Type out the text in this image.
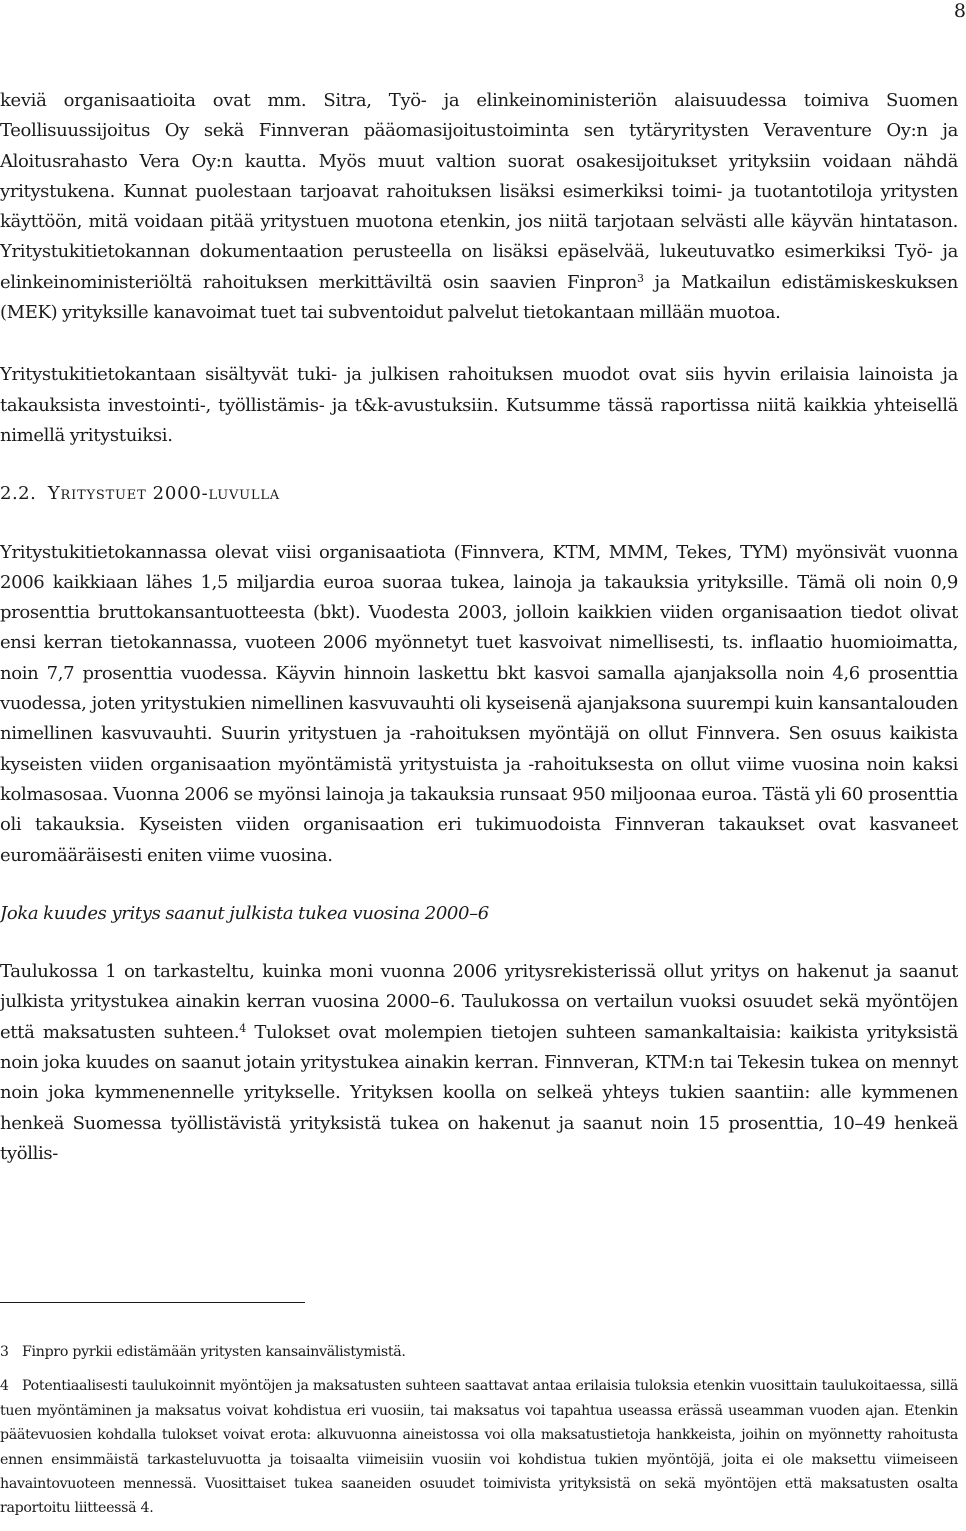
8

keviä organisaatioita ovat mm. Sitra, Työ- ja elinkeinoministeriön alaisuudessa toimiva Suomen Teollisuussijoitus Oy sekä Finnveran pääomasijoitustoiminta sen tytäryritysten Veraventure Oy:n ja Aloitusrahasto Vera Oy:n kautta. Myös muut valtion suorat osakesijoitukset yrityksiin voidaan nähdä yritystukena. Kunnat puolestaan tarjoavat rahoituksen lisäksi esimerkiksi toimi- ja tuotantotiloja yritysten käyttöön, mitä voidaan pitää yritystuen muotona etenkin, jos niitä tarjotaan selvästi alle käyvän hintatason. Yritystukitietokannan dokumentaation perusteella on lisäksi epäselvää, lukeutuvatko esimerkiksi Työ- ja elinkeinoministeriöltä rahoituksen merkittäviltä osin saavien Finpron$^3$ ja Matkailun edistämiskeskuksen (MEK) yrityksille kanavoimat tuet tai subventoidut palvelut tietokantaan millään muotoa.

Yritystukitietokantaan sisältyvät tuki- ja julkisen rahoituksen muodot ovat siis hyvin erilaisia lainoista ja takauksista investointi-, työllistämis- ja t&k-avustuksiin. Kutsumme tässä raportissa niitä kaikkia yhteisellä nimellä yritystuiksi.

2.2. Yritystuet 2000-luvulla

Yritystukitietokannassa olevat viisi organisaatiota (Finnvera, KTM, MMM, Tekes, TYM) myönsivät vuonna 2006 kaikkiaan lähes 1,5 miljardia euroa suoraa tukea, lainoja ja takauksia yrityksille. Tämä oli noin 0,9 prosenttia bruttokansantuotteesta (bkt). Vuodesta 2003, jolloin kaikkien viiden organisaation tiedot olivat ensi kerran tietokannassa, vuoteen 2006 myönnetyt tuet kasvoivat nimellisesti, ts. inflaatio huomioimatta, noin 7,7 prosenttia vuodessa. Käyvin hinnoin laskettu bkt kasvoi samalla ajanjaksolla noin 4,6 prosenttia vuodessa, joten yritystukien nimellinen kasvuvauhti oli kyseisenä ajanjaksona suurempi kuin kansantalouden nimellinen kasvuvauhti. Suurin yritystuen ja -rahoituksen myöntäjä on ollut Finnvera. Sen osuus kaikista kyseisten viiden organisaation myöntämistä yritystuista ja -rahoituksesta on ollut viime vuosina noin kaksi kolmasosaa. Vuonna 2006 se myönsi lainoja ja takauksia runsaat 950 miljoonaa euroa. Tästä yli 60 prosenttia oli takauksia. Kyseisten viiden organisaation eri tukimuodoista Finnveran takaukset ovat kasvaneet euromääräisesti eniten viime vuosina.

Joka kuudes yritys saanut julkista tukea vuosina 2000–6

Taulukossa 1 on tarkasteltu, kuinka moni vuonna 2006 yritysrekisterissä ollut yritys on hakenut ja saanut julkista yritystukea ainakin kerran vuosina 2000–6. Taulukossa on vertailun vuoksi osuudet sekä myöntöjen että maksatusten suhteen.$^4$ Tulokset ovat molempien tietojen suhteen samankaltaisia: kaikista yrityksistä noin joka kuudes on saanut jotain yritystukea ainakin kerran. Finnveran, KTM:n tai Tekesin tukea on mennyt noin joka kymmenennelle yritykselle. Yrityksen koolla on selkeä yhteys tukien saantiin: alle kymmenen henkeä Suomessa työllistävistä yrityksistä tukea on hakenut ja saanut noin 15 prosenttia, 10–49 henkeä työllis-

3 Finpro pyrkii edistämään yritysten kansainvälistymistä.

4 Potentiaalisesti taulukoinnit myöntöjen ja maksatusten suhteen saattavat antaa erilaisia tuloksia etenkin vuosittain taulukoitaessa, sillä tuen myöntäminen ja maksatus voivat kohdistua eri vuosiin, tai maksatus voi tapahtua useassa erässä useamman vuoden ajan. Etenkin päätevuosien kohdalla tulokset voivat erota: alkuvuonna aineistossa voi olla maksatustietoja hankkeista, joihin on myönnetty rahoitusta ennen ensimmäistä tarkasteluvuotta ja toisaalta viimeisiin vuosiin voi kohdistua tukien myöntöjä, joita ei ole maksettu viimeiseen havaintovuoteen mennessä. Vuosittaiset tukea saaneiden osuudet toimivista yrityksistä on sekä myöntöjen että maksatusten osalta raportoitu liitteessä 4.
